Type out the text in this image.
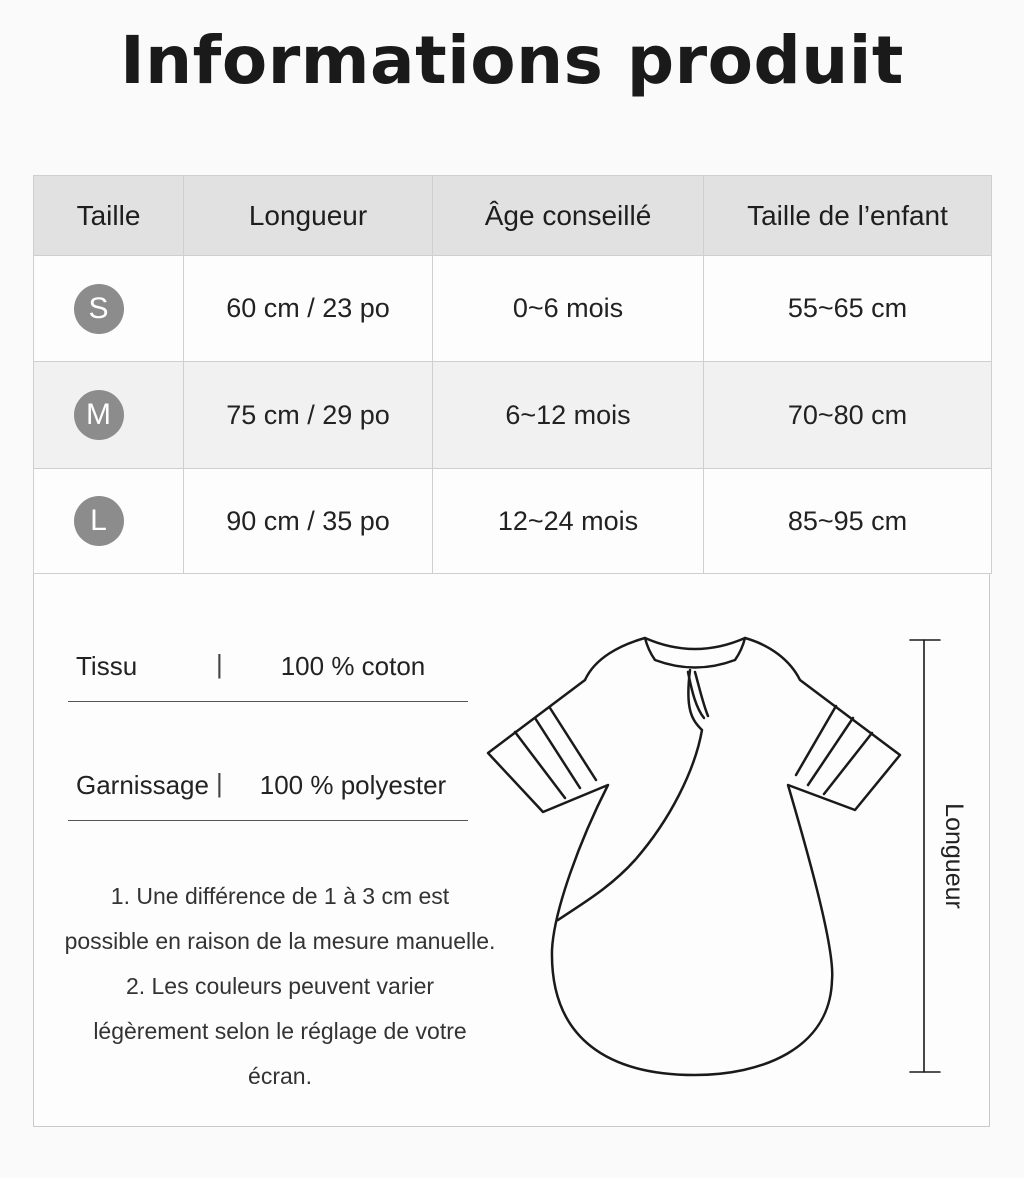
Informations produit
Taille	Longueur	Âge conseillé	Taille de l’enfant
S	60 cm / 23 po	0~6 mois	55~65 cm
M	75 cm / 29 po	6~12 mois	70~80 cm
L	90 cm / 35 po	12~24 mois	85~95 cm
Tissu	|	100 % coton
Garnissage |	100 % polyester

1. Une différence de 1 à 3 cm est

possible en raison de la mesure manuelle.

2. Les couleurs peuvent varier

légèrement selon le réglage de votre écran.

Longueur
